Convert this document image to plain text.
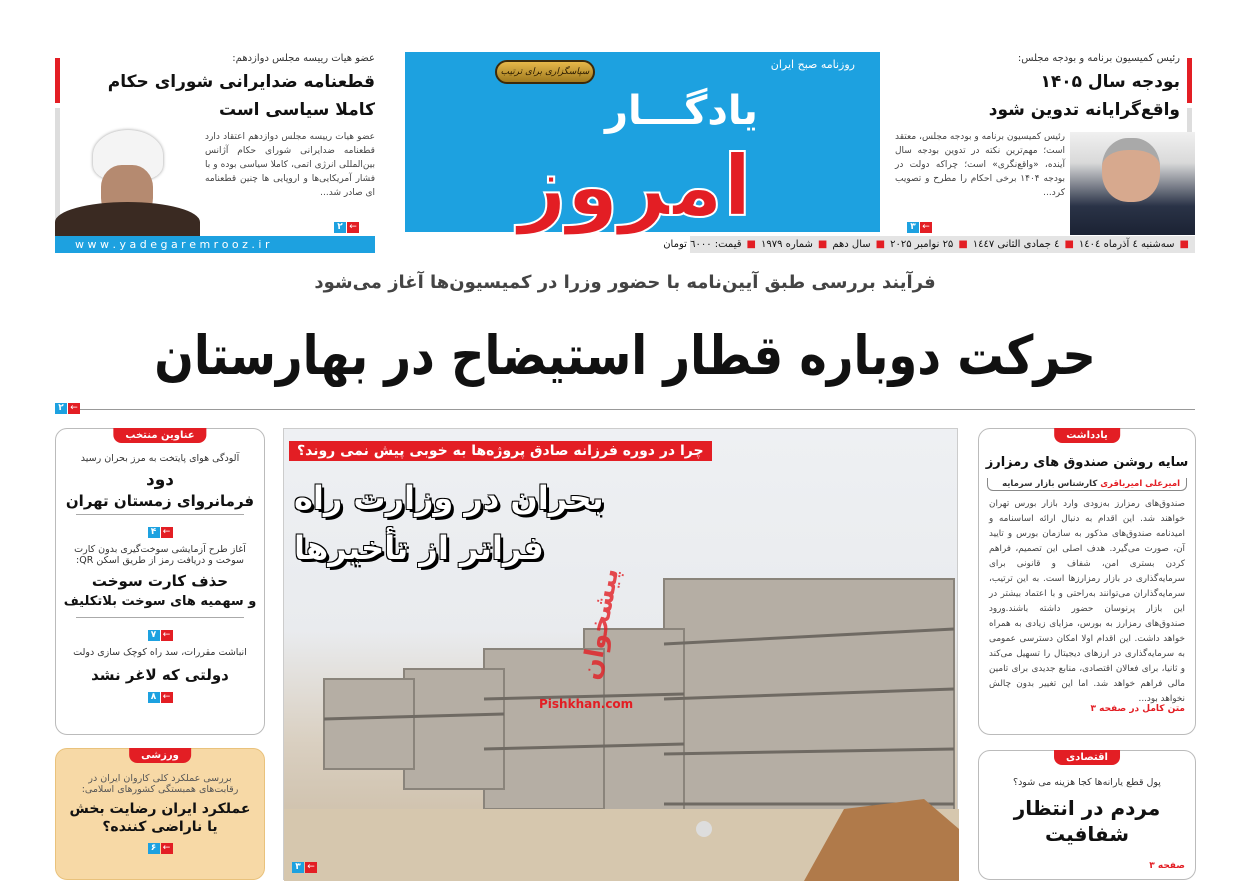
رئیس کمیسیون برنامه و بودجه مجلس:
بودجه سال ۱۴۰۵
واقع‌گرایانه تدوین شود
رئیس کمیسیون برنامه و بودجه مجلس، معتقد است؛ مهم‌ترین نکته در تدوین بودجه سال آینده، «واقع‌نگری» است؛ چراکه دولت در بودجه ۱۴۰۴ برخی احکام را مطرح و تصویب کرد...
۳ ←
عضو هیات رییسه مجلس دوازدهم:
قطعنامه ضدایرانی شورای حکام
کاملا سیاسی است
عضو هیات رییسه مجلس دوازدهم اعتقاد دارد قطعنامه ضدایرانی شورای حکام آژانس بین‌المللی انرژی اتمی، کاملا سیاسی بوده و با فشار آمریکایی‌ها و اروپایی ها چنین قطعنامه ای صادر شد...
۲ ←
روزنامه صبح ایران
سپاسگزاری برای ترتیب
یادگـــار
امروز
w w w . y a d e g a r e m r o o z . i r	■
سه‌شنبه ٤ آذرماه ١٤٠٤
■
٤ جمادی الثانی ١٤٤٧
■
۲۵ نوامبر ۲۰۲۵
■
سال دهم
■
شماره ۱۹۷۹
■
قیمت: ٦٠٠٠ تومان
فرآیند بررسی طبق آیین‌نامه با حضور وزرا در کمیسیون‌ها آغاز می‌شود
حرکت دوباره قطار استیضاح در بهارستان
۲ ←
عناوین منتخب
آلودگی هوای پایتخت به مرز بحران رسید
دود
فرمانروای زمستان تهران
۴ ←
آغاز طرح آزمایشی سوخت‌گیری بدون کارت سوخت و دریافت رمز از طریق اسکن QR:
حذف کارت سوخت
و سهمیه های سوخت بلاتکلیف
۷ ←
انباشت مقررات، سد راه کوچک سازی دولت
دولتی که لاغر نشد
۸ ←
ورزشی
بررسی عملکرد کلی کاروان ایران در رقابت‌های همبستگی کشورهای اسلامی:
عملکرد ایران رضایت بخش
یا ناراضی کننده؟
۶ ←
چرا در دوره فرزانه صادق پروژه‌ها به خوبی پیش نمی روند؟
بحران در وزارت راه
فراتر از تأخیرها
پیشخوان
Pishkhan.com
۳ ←
یادداشت
سایه روشن صندوق های رمزارز
امیرعلی امیرباقری کارشناس بازار سرمایه
صندوق‌های رمزارز به‌زودی وارد بازار بورس تهران خواهند شد. این اقدام به دنبال ارائه اساسنامه و امیدنامه صندوق‌های مذکور به سازمان بورس و تایید آن، صورت می‌گیرد. هدف اصلی این تصمیم، فراهم کردن بستری امن، شفاف و قانونی برای سرمایه‌گذاری در بازار رمزارزها است. به این ترتیب، سرمایه‌گذاران می‌توانند به‌راحتی و با اعتماد بیشتر در این بازار پرنوسان حضور داشته باشند.ورود صندوق‌های رمزارز به بورس، مزایای زیادی به همراه خواهد داشت. این اقدام اولا امکان دسترسی عمومی به سرمایه‌گذاری در ارزهای دیجیتال را تسهیل می‌کند و ثانیا، برای فعالان اقتصادی، منابع جدیدی برای تامین مالی فراهم خواهد شد. اما این تغییر بدون چالش نخواهد بود...
متن کامل در صفحه ۳
اقتصادی
پول قطع یارانه‌ها کجا هزینه می شود؟
مردم در انتظار
شفافیت
صفحه ۳
